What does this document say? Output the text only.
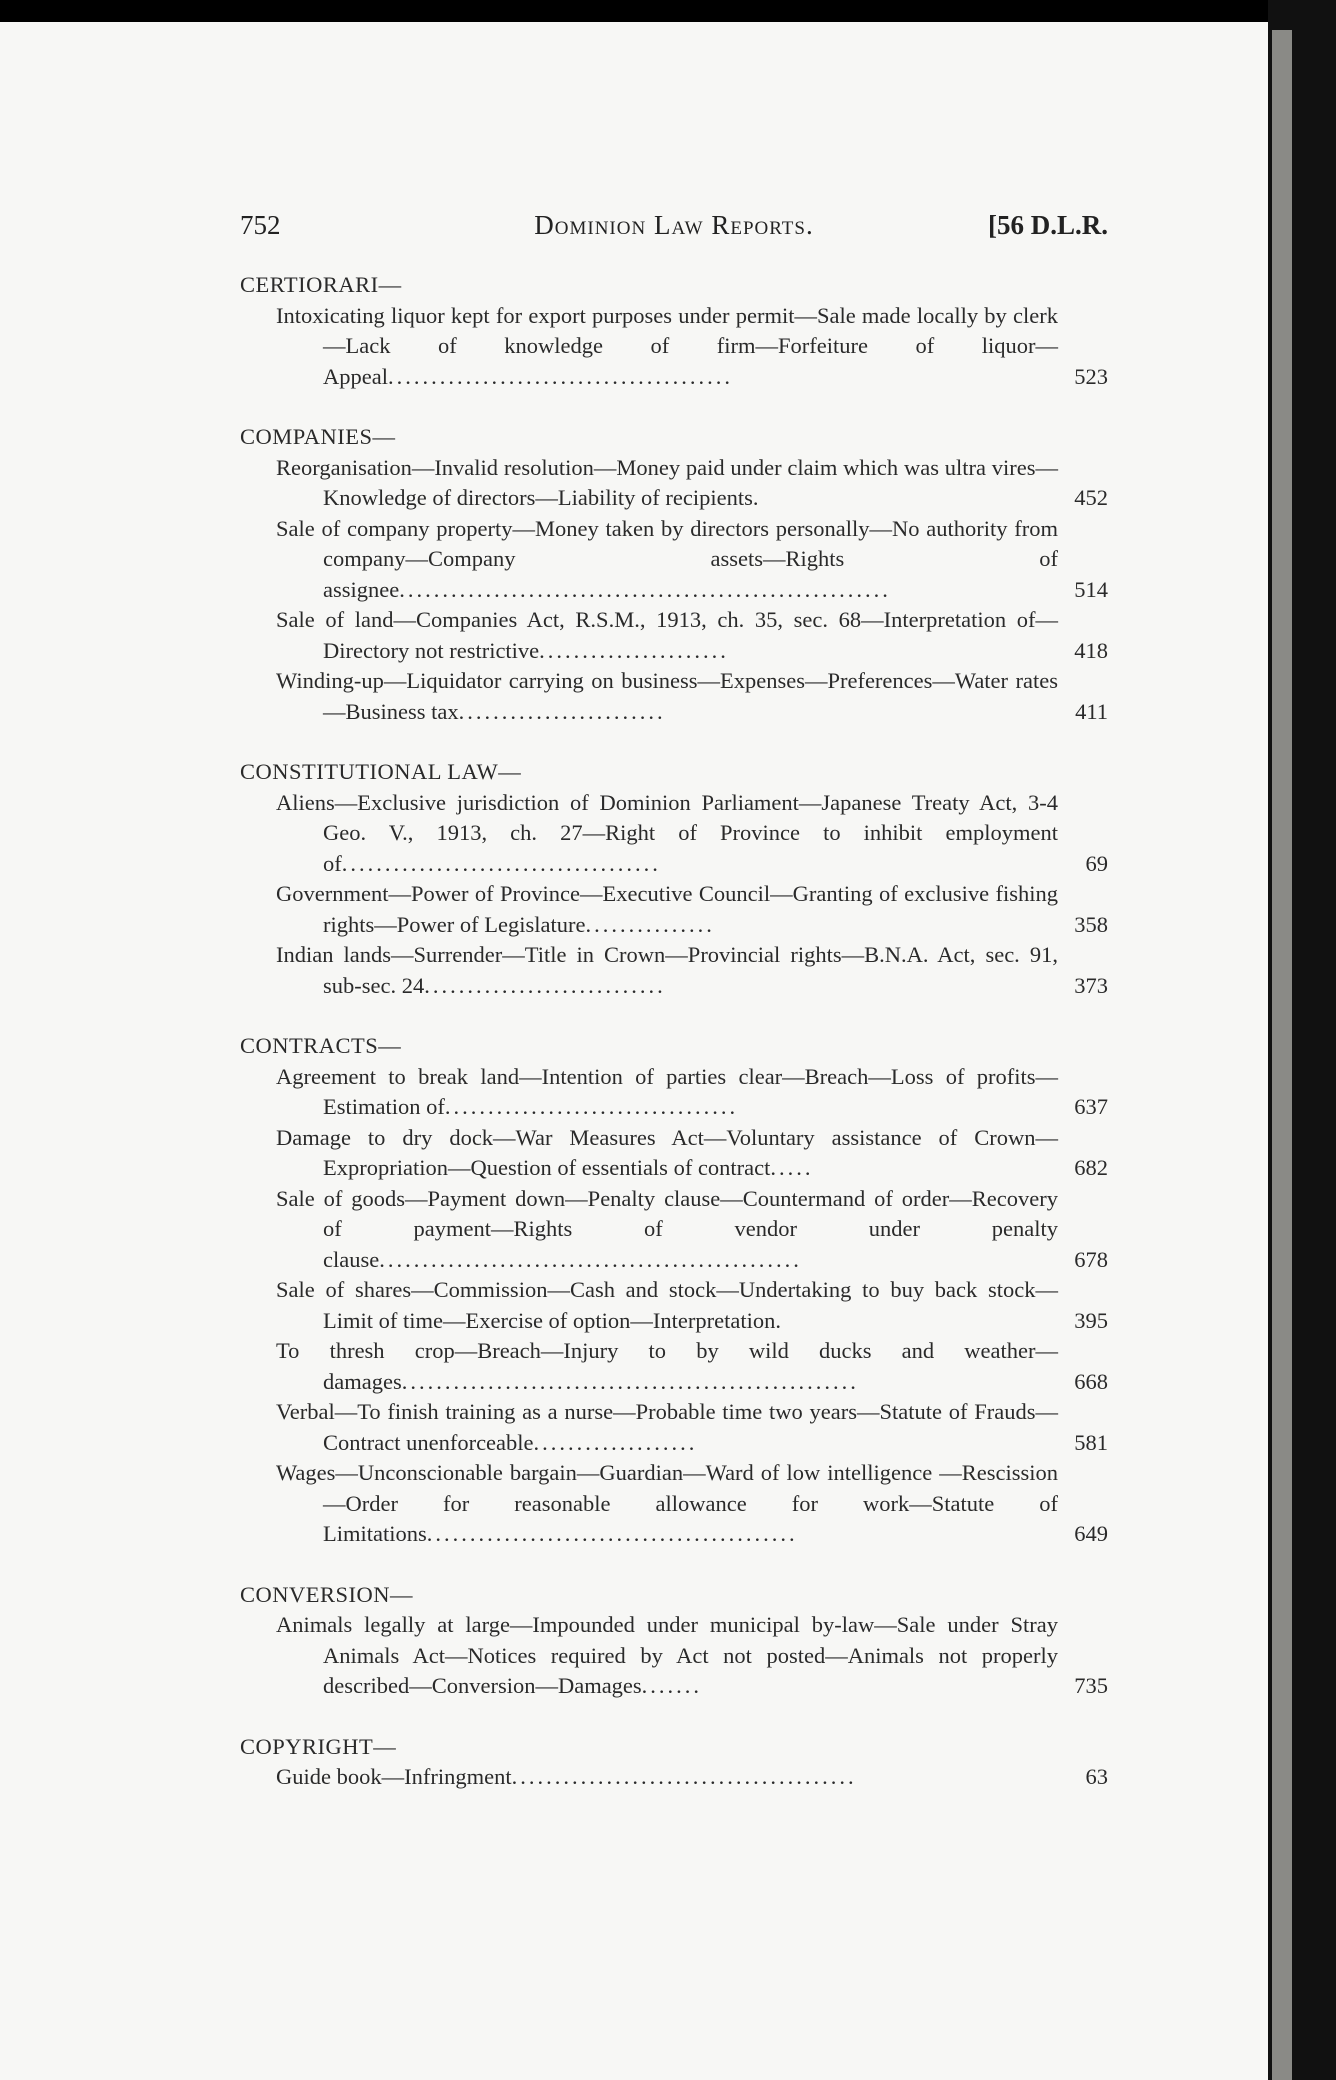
752	Dominion Law Reports.	[56 D.L.R.
CERTIORARI—
Intoxicating liquor kept for export purposes under permit—Sale made locally by clerk—Lack of knowledge of firm—Forfeiture of liquor—Appeal........................................	523
COMPANIES—
Reorganisation—Invalid resolution—Money paid under claim which was ultra vires—Knowledge of directors—Liability of recipients.	452
Sale of company property—Money taken by directors personally—No authority from company—Company assets—Rights of assignee.........................................................	514
Sale of land—Companies Act, R.S.M., 1913, ch. 35, sec. 68—Interpretation of—Directory not restrictive......................	418
Winding-up—Liquidator carrying on business—Expenses—Preferences—Water rates—Business tax........................	411
CONSTITUTIONAL LAW—
Aliens—Exclusive jurisdiction of Dominion Parliament—Japanese Treaty Act, 3-4 Geo. V., 1913, ch. 27—Right of Province to inhibit employment of.....................................	69
Government—Power of Province—Executive Council—Granting of exclusive fishing rights—Power of Legislature...............	358
Indian lands—Surrender—Title in Crown—Provincial rights—B.N.A. Act, sec. 91, sub-sec. 24............................	373
CONTRACTS—
Agreement to break land—Intention of parties clear—Breach—Loss of profits—Estimation of..................................	637
Damage to dry dock—War Measures Act—Voluntary assistance of Crown—Expropriation—Question of essentials of contract.....	682
Sale of goods—Payment down—Penalty clause—Countermand of order—Recovery of payment—Rights of vendor under penalty clause.................................................	678
Sale of shares—Commission—Cash and stock—Undertaking to buy back stock—Limit of time—Exercise of option—Interpretation.	395
To thresh crop—Breach—Injury to by wild ducks and weather—damages.....................................................	668
Verbal—To finish training as a nurse—Probable time two years—Statute of Frauds—Contract unenforceable...................	581
Wages—Unconscionable bargain—Guardian—Ward of low intelligence —Rescission—Order for reasonable allowance for work—Statute of Limitations...........................................	649
CONVERSION—
Animals legally at large—Impounded under municipal by-law—Sale under Stray Animals Act—Notices required by Act not posted—Animals not properly described—Conversion—Damages.......	735
COPYRIGHT—
Guide book—Infringment........................................	63
